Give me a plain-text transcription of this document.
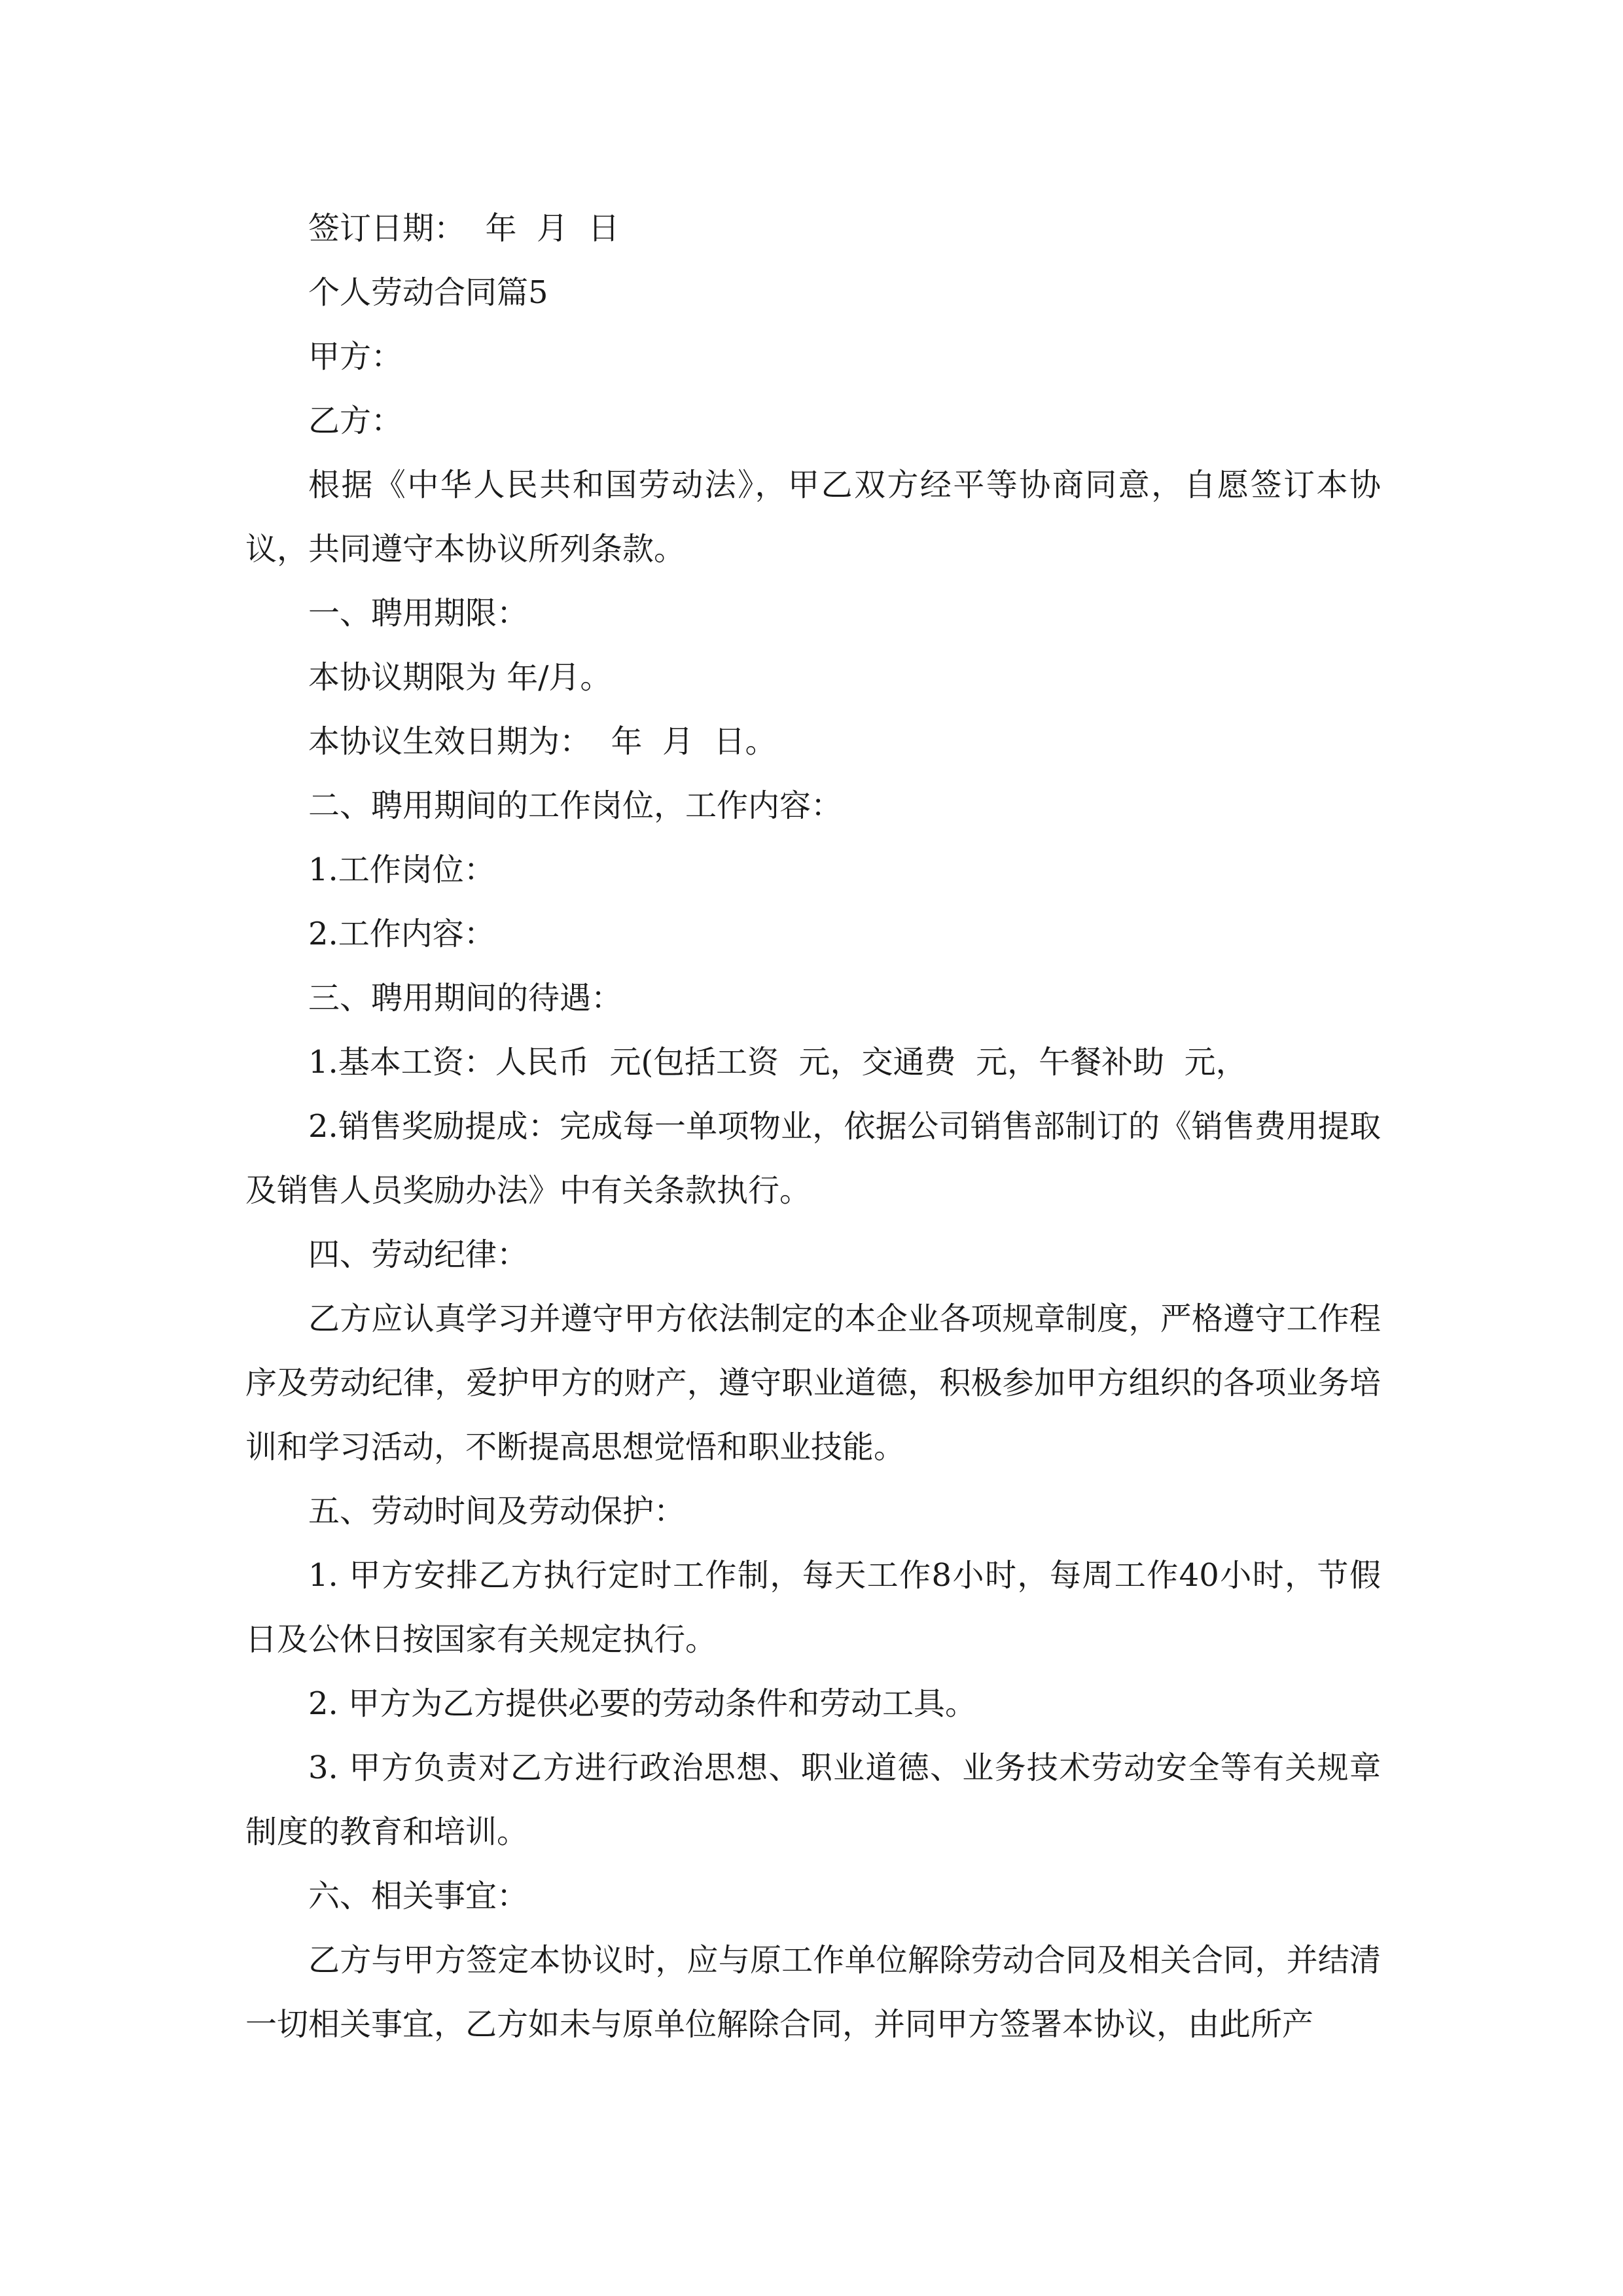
签订日期：  年  月  日

个人劳动合同篇5

甲方：

乙方：

根据《中华人民共和国劳动法》，甲乙双方经平等协商同意，自愿签订本协议，共同遵守本协议所列条款。

一、聘用期限：

本协议期限为 年/月。

本协议生效日期为：  年  月  日。

二、聘用期间的工作岗位，工作内容：

1.工作岗位：

2.工作内容：

三、聘用期间的待遇：

1.基本工资：人民币  元(包括工资  元，交通费  元，午餐补助  元，

2.销售奖励提成：完成每一单项物业，依据公司销售部制订的《销售费用提取及销售人员奖励办法》中有关条款执行。

四、劳动纪律：

乙方应认真学习并遵守甲方依法制定的本企业各项规章制度，严格遵守工作程序及劳动纪律，爱护甲方的财产，遵守职业道德，积极参加甲方组织的各项业务培训和学习活动，不断提高思想觉悟和职业技能。

五、劳动时间及劳动保护：

1. 甲方安排乙方执行定时工作制，每天工作8小时，每周工作40小时，节假日及公休日按国家有关规定执行。

2. 甲方为乙方提供必要的劳动条件和劳动工具。

3. 甲方负责对乙方进行政治思想、职业道德、业务技术劳动安全等有关规章制度的教育和培训。

六、相关事宜：

乙方与甲方签定本协议时，应与原工作单位解除劳动合同及相关合同，并结清一切相关事宜，乙方如未与原单位解除合同，并同甲方签署本协议，由此所产
